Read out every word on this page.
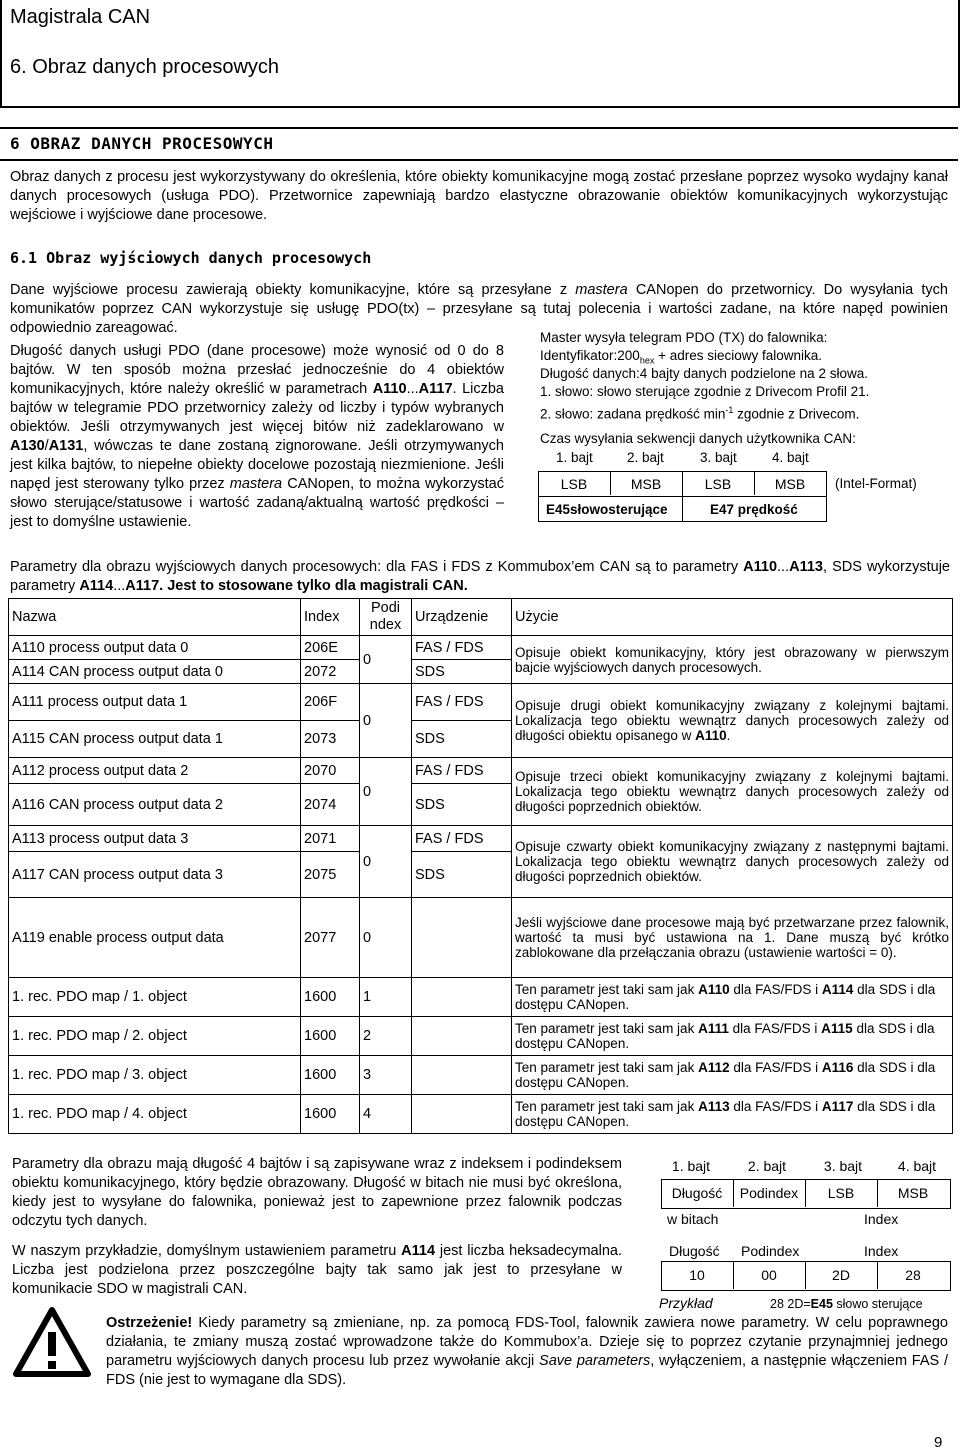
Magistrala CAN
6. Obraz danych procesowych
6 OBRAZ DANYCH PROCESOWYCH
Obraz danych z procesu jest wykorzystywany do określenia, które obiekty komunikacyjne mogą zostać przesłane poprzez wysoko wydajny kanał danych procesowych (usługa PDO). Przetwornice zapewniają bardzo elastyczne obrazowanie obiektów komunikacyjnych wykorzystując wejściowe i wyjściowe dane procesowe.
6.1 Obraz wyjściowych danych procesowych
Dane wyjściowe procesu zawierają obiekty komunikacyjne, które są przesyłane z mastera CANopen do przetwornicy. Do wysyłania tych komunikatów poprzez CAN wykorzystuje się usługę PDO(tx) – przesyłane są tutaj polecenia i wartości zadane, na które napęd powinien odpowiednio zareagować.
Długość danych usługi PDO (dane procesowe) może wynosić od 0 do 8 bajtów. W ten sposób można przesłać jednocześnie do 4 obiektów komunikacyjnych, które należy określić w parametrach A110...A117. Liczba bajtów w telegramie PDO przetwornicy zależy od liczby i typów wybranych obiektów. Jeśli otrzymywanych jest więcej bitów niż zadeklarowano w A130/A131, wówczas te dane zostaną zignorowane. Jeśli otrzymywanych jest kilka bajtów, to niepełne obiekty docelowe pozostają niezmienione. Jeśli napęd jest sterowany tylko przez mastera CANopen, to można wykorzystać słowo sterujące/statusowe i wartość zadaną/aktualną wartość prędkości – jest to domyślne ustawienie.
Master wysyła telegram PDO (TX) do falownika:
$Identyfikator:200_{hex}$ + adres sieciowy falownika.
Długość danych:4 bajty danych podzielone na 2 słowa.
1. słowo: słowo sterujące zgodnie z Drivecom Profil 21.
2. słowo: zadana prędkość $\min^{-1}$ zgodnie z Drivecom.
Czas wysyłania sekwencji danych użytkownika CAN:
1. bajt	2. bajt	3. bajt	4. bajt
LSB	MSB	LSB	MSB	(Intel-Format)
E45słowosterujące	E47 prędkość
Parametry dla obrazu wyjściowych danych procesowych: dla FAS i FDS z Kommubox’em CAN są to parametry A110...A113, SDS wykorzystuje parametry A114...A117. Jest to stosowane tylko dla magistrali CAN.
Nazwa	Index	Podi ndex	Urządzenie	Użycie
A110 process output data 0	206E	0	FAS / FDS	Opisuje obiekt komunikacyjny, który jest obrazowany w pierwszym bajcie wyjściowych danych procesowych.
A114 CAN process output data 0	2072		SDS	
A111 process output data 1	206F	0	FAS / FDS	Opisuje drugi obiekt komunikacyjny związany z kolejnymi bajtami. Lokalizacja tego obiektu wewnątrz danych procesowych zależy od długości obiektu opisanego w A110.
A115 CAN process output data 1	2073		SDS	
A112 process output data 2	2070	0	FAS / FDS	Opisuje trzeci obiekt komunikacyjny związany z kolejnymi bajtami. Lokalizacja tego obiektu wewnątrz danych procesowych zależy od długości poprzednich obiektów.
A116 CAN process output data 2	2074		SDS	
A113 process output data 3	2071	0	FAS / FDS	Opisuje czwarty obiekt komunikacyjny związany z następnymi bajtami. Lokalizacja tego obiektu wewnątrz danych procesowych zależy od długości poprzednich obiektów.
A117 CAN process output data 3	2075		SDS	
A119 enable process output data	2077	0		Jeśli wyjściowe dane procesowe mają być przetwarzane przez falownik, wartość ta musi być ustawiona na 1. Dane muszą być krótko zablokowane dla przełączania obrazu (ustawienie wartości = 0).
1. rec. PDO map / 1. object	1600	1		Ten parametr jest taki sam jak A110 dla FAS/FDS i A114 dla SDS i dla dostępu CANopen.
1. rec. PDO map / 2. object	1600	2		Ten parametr jest taki sam jak A111 dla FAS/FDS i A115 dla SDS i dla dostępu CANopen.
1. rec. PDO map / 3. object	1600	3		Ten parametr jest taki sam jak A112 dla FAS/FDS i A116 dla SDS i dla dostępu CANopen.
1. rec. PDO map / 4. object	1600	4		Ten parametr jest taki sam jak A113 dla FAS/FDS i A117 dla SDS i dla dostępu CANopen.
Parametry dla obrazu mają długość 4 bajtów i są zapisywane wraz z indeksem i podindeksem obiektu komunikacyjnego, który będzie obrazowany. Długość w bitach nie musi być określona, kiedy jest to wysyłane do falownika, ponieważ jest to zapewnione przez falownik podczas odczytu tych danych.
W naszym przykładzie, domyślnym ustawieniem parametru A114 jest liczba heksadecymalna. Liczba jest podzielona przez poszczególne bajty tak samo jak jest to przesyłane w komunikacie SDO w magistrali CAN.
1. bajt	2. bajt	3. bajt	4. bajt
Długość	Podindex	LSB	MSB
w bitach	Index
Długość Podindex	Index
10	00	2D	28
Przykład	28 2D=E45 słowo sterujące
Ostrzeżenie! Kiedy parametry są zmieniane, np. za pomocą FDS-Tool, falownik zawiera nowe parametry. W celu poprawnego działania, te zmiany muszą zostać wprowadzone także do Kommubox’a. Dzieje się to poprzez czytanie przynajmniej jednego parametru wyjściowych danych procesu lub przez wywołanie akcji Save parameters, wyłączeniem, a następnie włączeniem FAS / FDS (nie jest to wymagane dla SDS).
9
